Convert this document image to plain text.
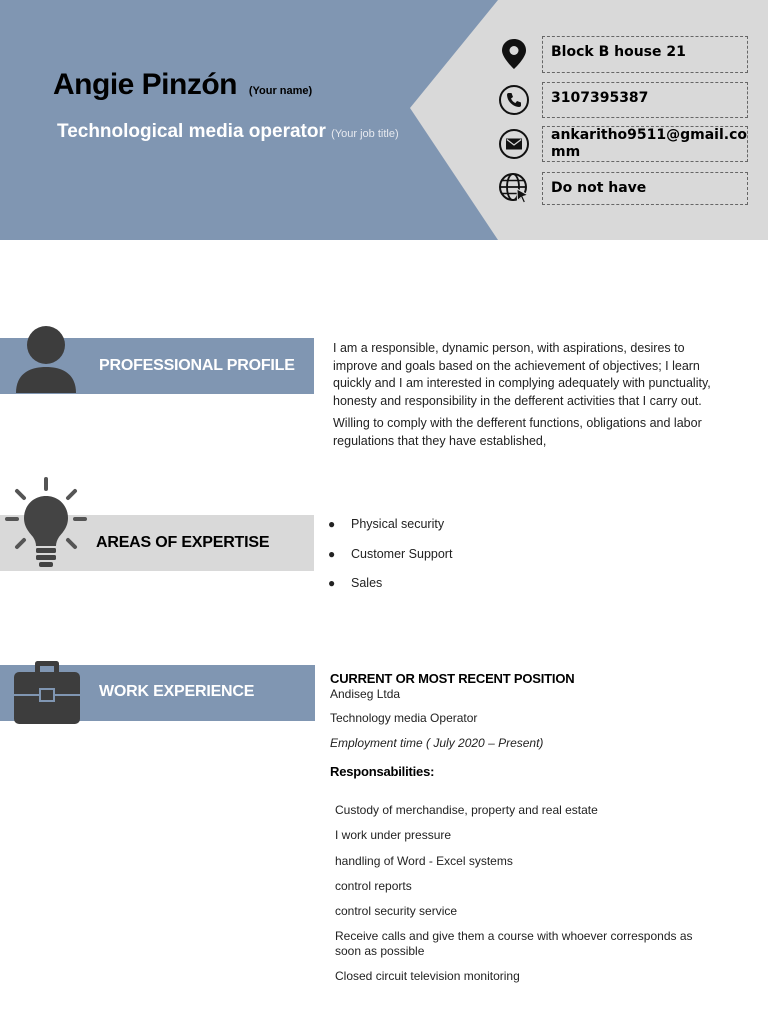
Angie Pinzón (Your name)
Technological media operator (Your job title)
Block B house 21
3107395387
ankaritho9511@gmail.co
mm
Do not have
PROFESSIONAL PROFILE

I am a responsible, dynamic person, with aspirations, desires to improve and goals based on the achievement of objectives; I learn quickly and I am interested in complying adequately with punctuality, honesty and responsibility in the defferent activities that I carry out.

Willing to comply with the defferent functions, obligations and labor regulations that they have established,

AREAS OF EXPERTISE
● Physical security
● Customer Support
● Sales
WORK EXPERIENCE
CURRENT OR MOST RECENT POSITION
Andiseg Ltda
Technology media Operator
Employment time ( July 2020 – Present)
Responsabilities:
Custody of merchandise, property and real estate
I work under pressure
handling of Word - Excel systems
control reports
control security service
Receive calls and give them a course with whoever corresponds as soon as possible
Closed circuit television monitoring
